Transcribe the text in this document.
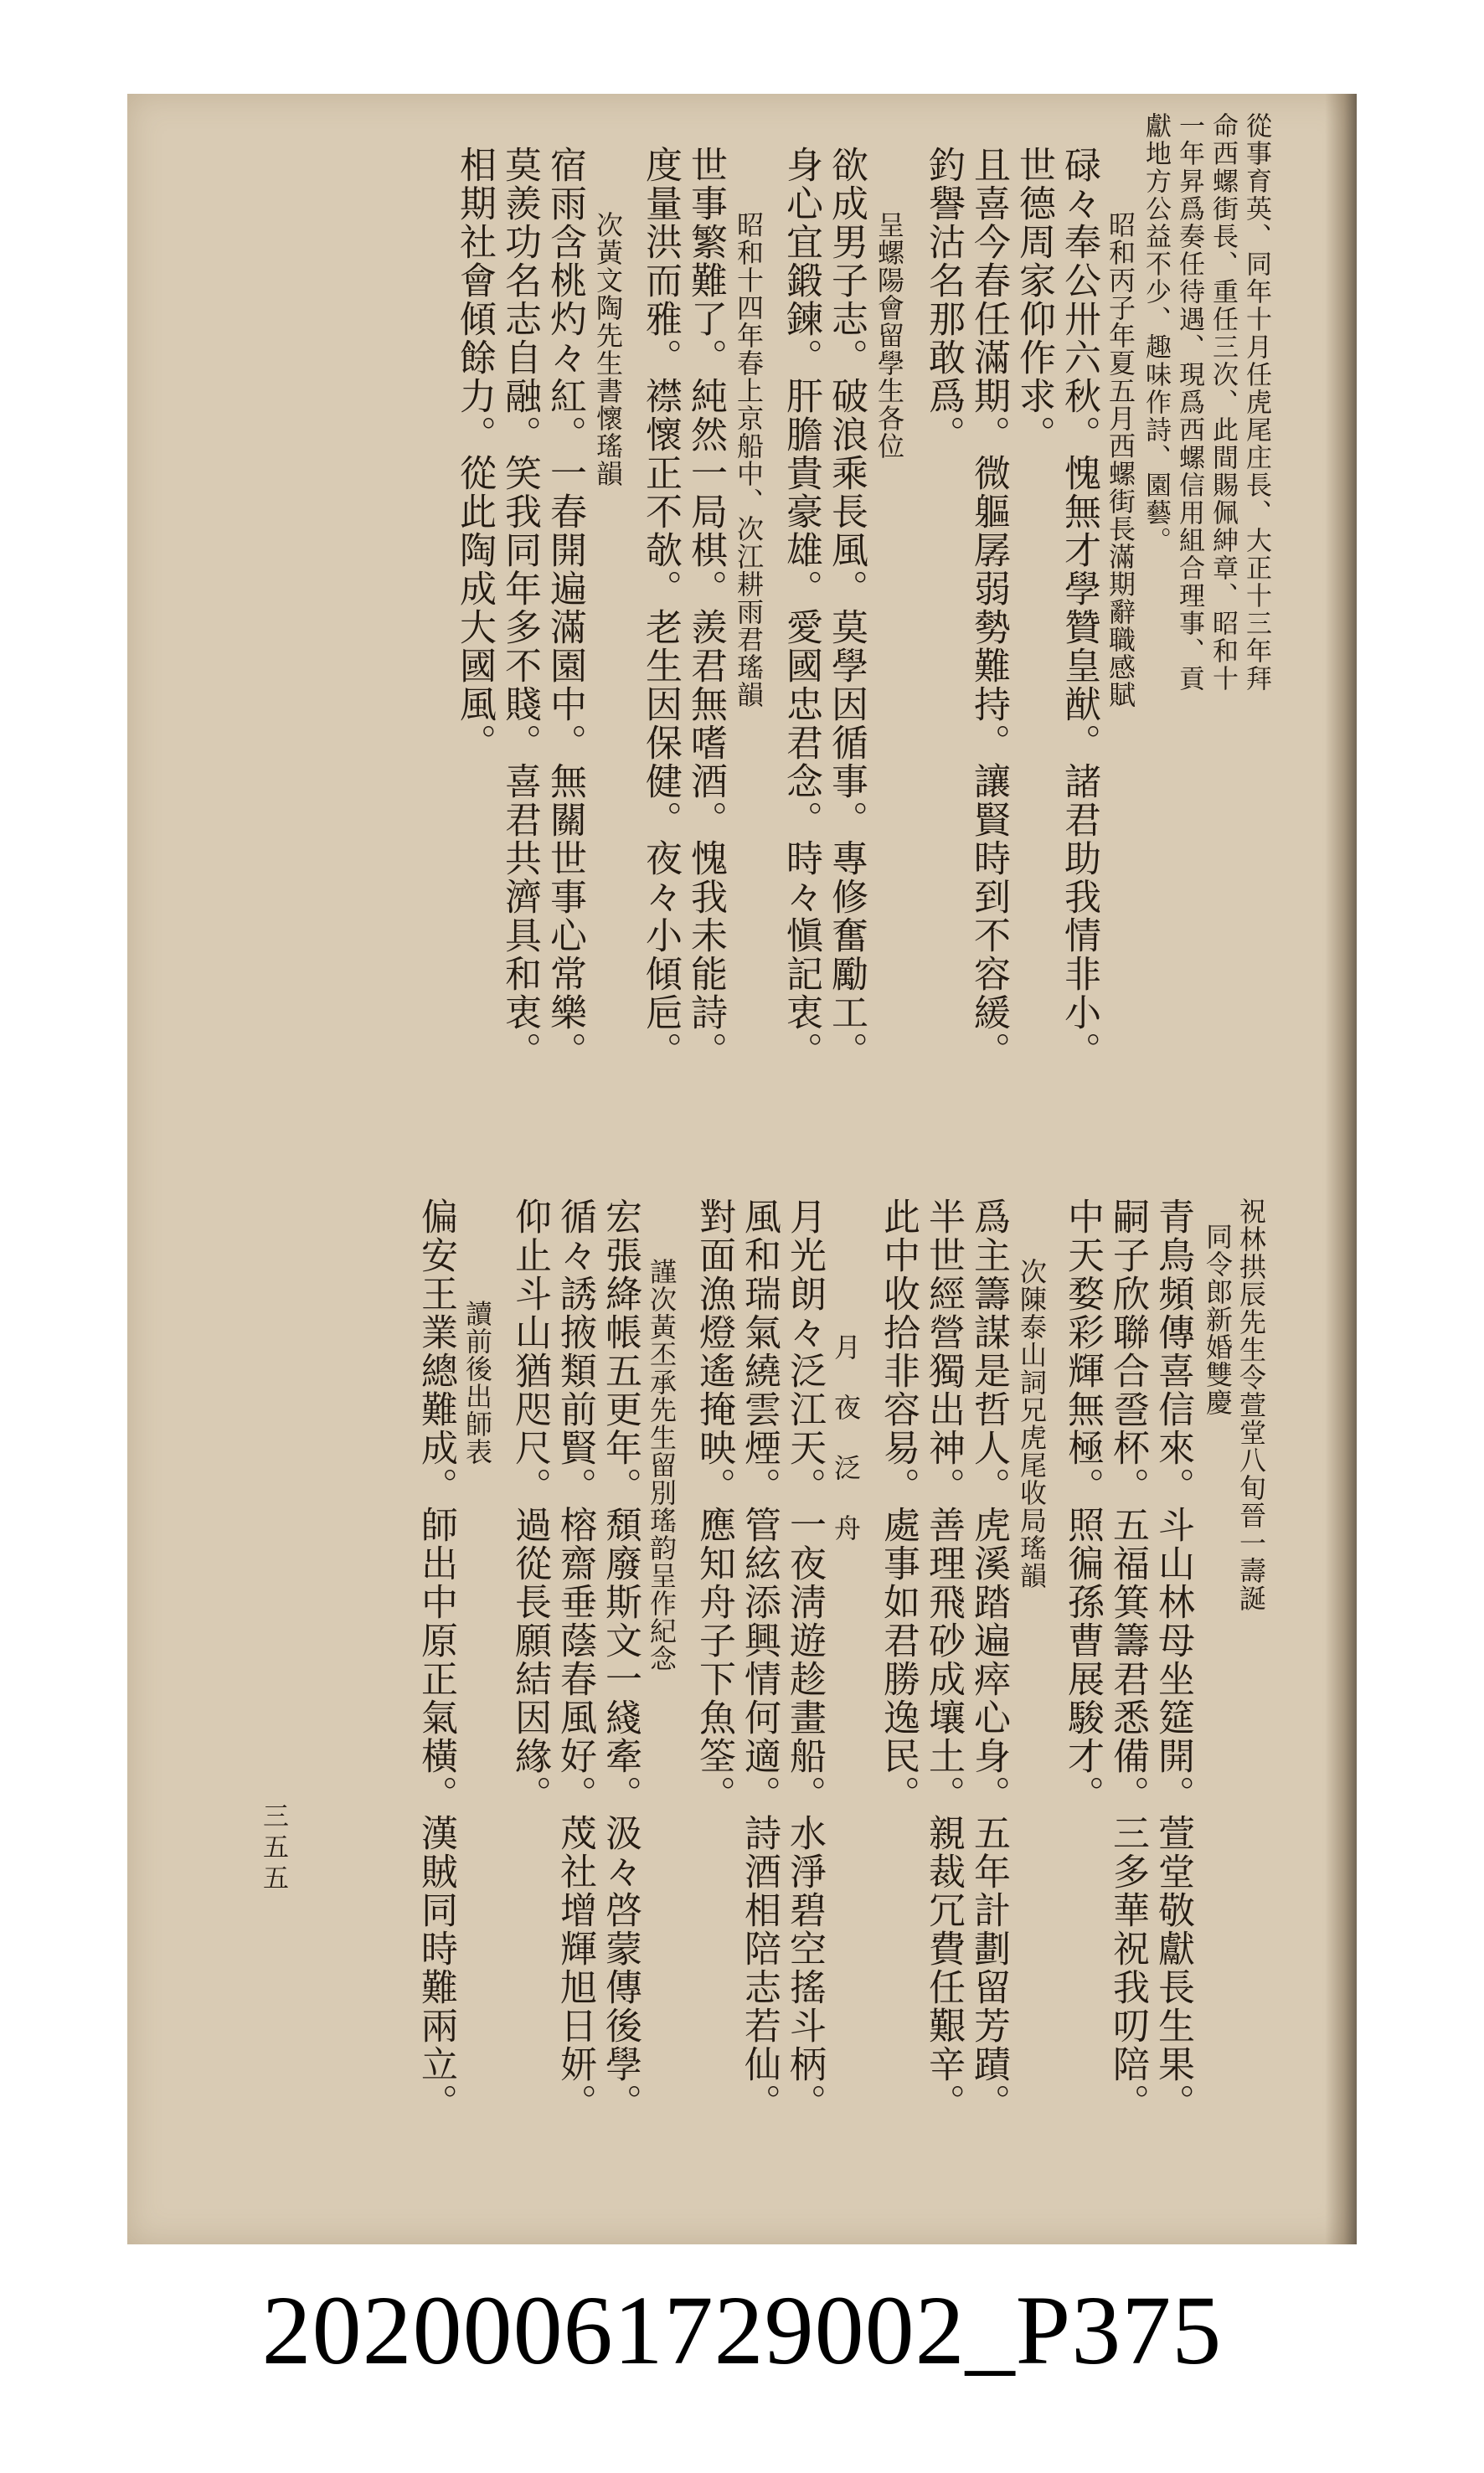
從事育英、同年十月任虎尾庄長、大正十三年拜
命西螺街長、重任三次、此間賜佩紳章、昭和十
一年昇爲奏任待遇、現爲西螺信用組合理事、貢
獻地方公益不少、趣味作詩、園藝。
昭和丙子年夏五月西螺街長滿期辭職感賦
碌々奉公卅六秋。愧無才學贊皇猷。諸君助我情非小。
世德周家仰作求。
且喜今春任滿期。微軀孱弱勢難持。讓賢時到不容緩。
釣譽沽名那敢爲。
呈螺陽會留學生各位
欲成男子志。破浪乘長風。莫學因循事。專修奮勵工。
身心宜鍛鍊。肝膽貴豪雄。愛國忠君念。時々愼記衷。
昭和十四年春上京船中、次江耕雨君瑤韻
世事繁難了。純然一局棋。羨君無嗜酒。愧我未能詩。
度量洪而雅。襟懷正不欹。老生因保健。夜々小傾巵。
次黃文陶先生書懷瑤韻
宿雨含桃灼々紅。一春開遍滿園中。無關世事心常樂。
莫羨功名志自融。笑我同年多不賤。喜君共濟具和衷。
相期社會傾餘力。從此陶成大國風。
祝林拱辰先生令萱堂八旬晉一壽誕
同令郎新婚雙慶
青鳥頻傳喜信來。斗山林母坐筵開。萱堂敬獻長生果。
嗣子欣聯合巹杯。五福箕籌君悉備。三多華祝我叨陪。
中天婺彩輝無極。照徧孫曹展駿才。
次陳泰山詞兄虎尾收局瑤韻
爲主籌謀是哲人。虎溪踏遍瘁心身。五年計劃留芳蹟。
半世經營獨出神。善理飛砂成壤土。親裁冗費任艱辛。
此中收拾非容易。處事如君勝逸民。
月　夜　泛　舟
月光朗々泛江天。一夜淸遊趁畫船。水淨碧空搖斗柄。
風和瑞氣繞雲煙。管絃添興情何適。詩酒相陪志若仙。
對面漁燈遙掩映。應知舟子下魚筌。
謹次黃丕承先生留別瑤韵呈作紀念
宏張絳帳五更年。頹廢斯文一綫牽。汲々啓蒙傳後學。
循々誘掖類前賢。榕齋垂蔭春風好。荗社增輝旭日妍。
仰止斗山猶咫尺。過從長願結因緣。
讀前後出師表
偏安王業總難成。師出中原正氣橫。漢賊同時難兩立。
三五五
20200061729002_P375
